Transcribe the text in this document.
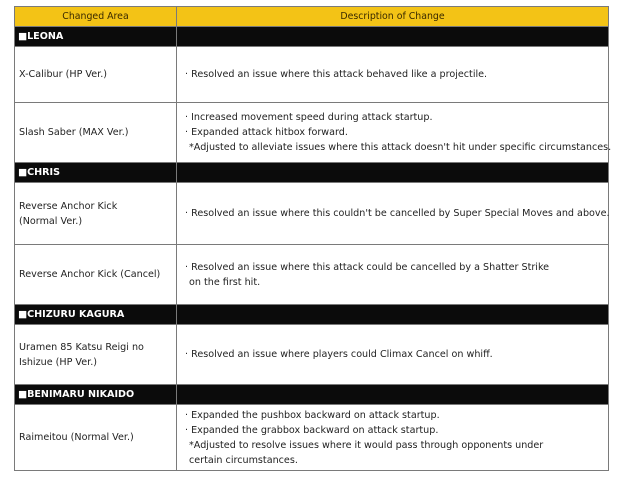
Changed Area	Description of Change
■LEONA	

X-Calibur (HP Ver.)	· Resolved an issue where this attack behaved like a projectile.

Slash Saber (MAX Ver.)	· Increased movement speed during attack startup.
· Expanded attack hitbox forward.
*Adjusted to alleviate issues where this attack doesn't hit under specific circumstances.

■CHRIS	

Reverse Anchor Kick
(Normal Ver.)	· Resolved an issue where this couldn't be cancelled by Super Special Moves and above.

Reverse Anchor Kick (Cancel)	· Resolved an issue where this attack could be cancelled by a Shatter Strike
on the first hit.

■CHIZURU KAGURA	

Uramen 85 Katsu Reigi no
Ishizue (HP Ver.)	· Resolved an issue where players could Climax Cancel on whiff.

■BENIMARU NIKAIDO	

Raimeitou (Normal Ver.)	· Expanded the pushbox backward on attack startup.
· Expanded the grabbox backward on attack startup.
*Adjusted to resolve issues where it would pass through opponents under
certain circumstances.
